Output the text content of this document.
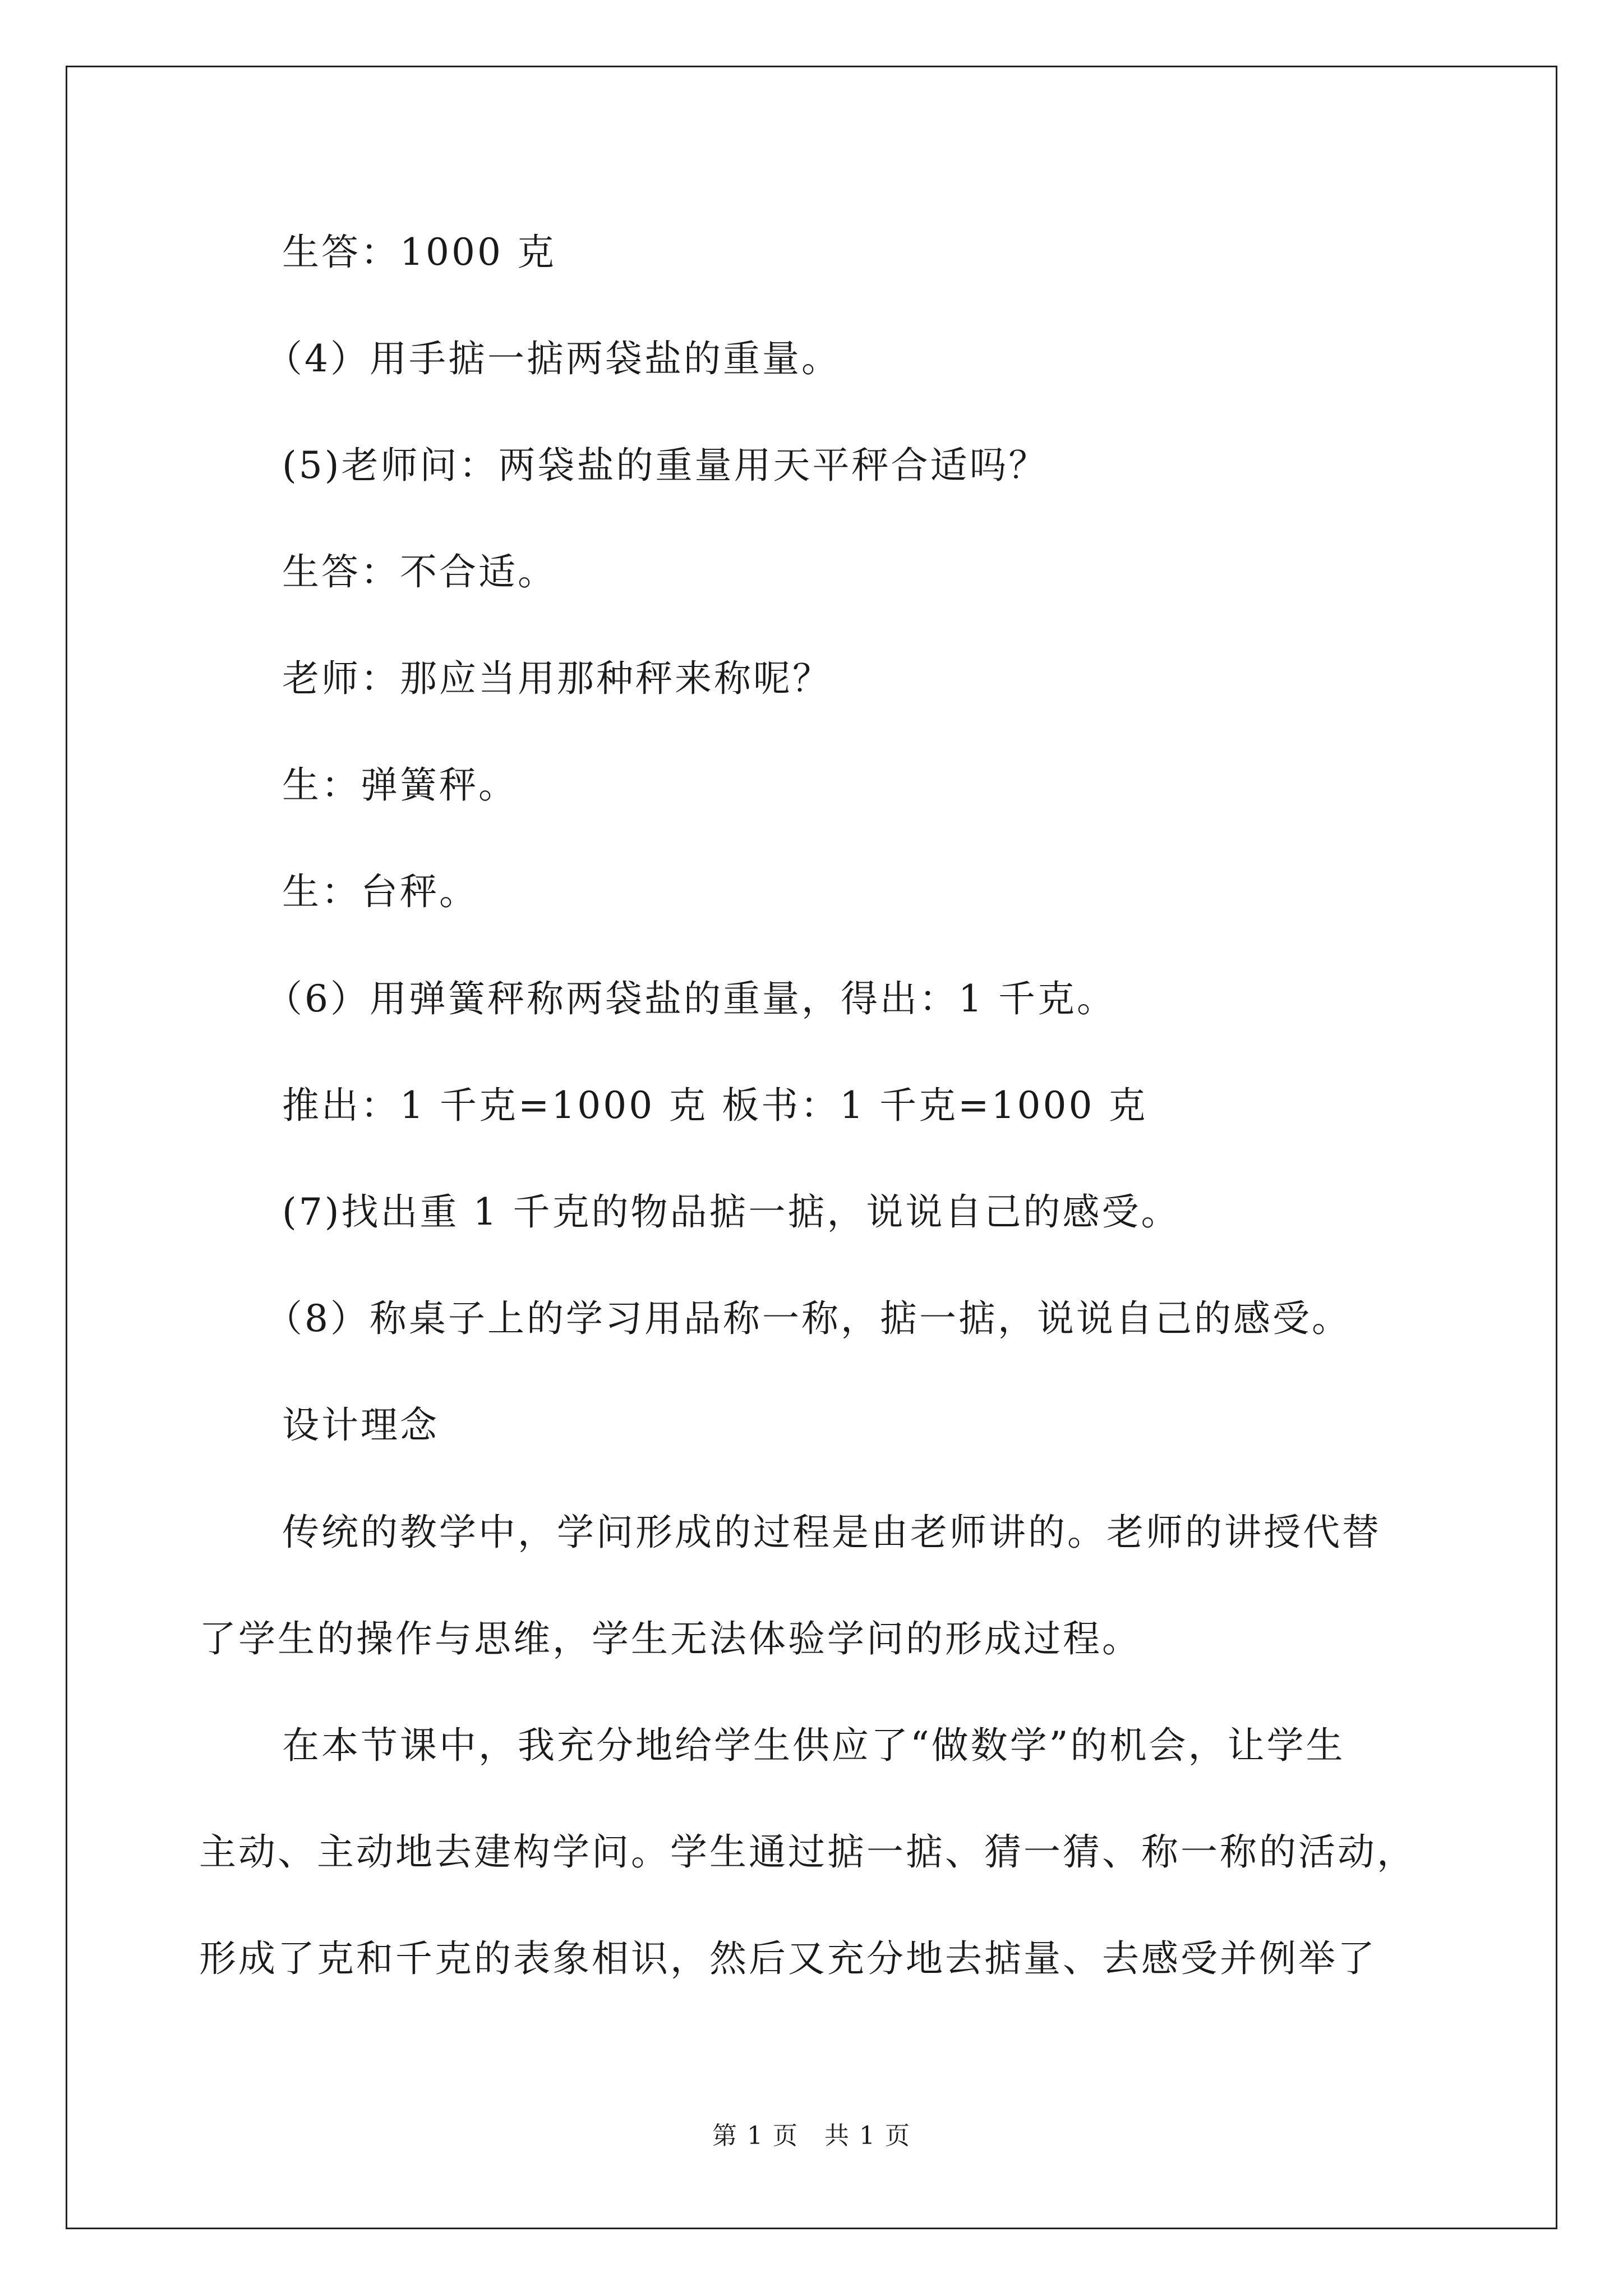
生答：1000 克
（4）用手掂一掂两袋盐的重量。
(5)老师问：两袋盐的重量用天平秤合适吗？
生答：不合适。
老师：那应当用那种秤来称呢？
生：弹簧秤。
生：台秤。
（6）用弹簧秤称两袋盐的重量，得出：1 千克。
推出：1 千克=1000 克 板书：1 千克=1000 克
(7)找出重 1 千克的物品掂一掂，说说自己的感受。
（8）称桌子上的学习用品称一称，掂一掂，说说自己的感受。
设计理念
传统的教学中，学问形成的过程是由老师讲的。老师的讲授代替
了学生的操作与思维，学生无法体验学问的形成过程。
在本节课中，我充分地给学生供应了“做数学”的机会，让学生
主动、主动地去建构学问。学生通过掂一掂、猜一猜、称一称的活动，
形成了克和千克的表象相识，然后又充分地去掂量、去感受并例举了
第 1 页　共 1 页
